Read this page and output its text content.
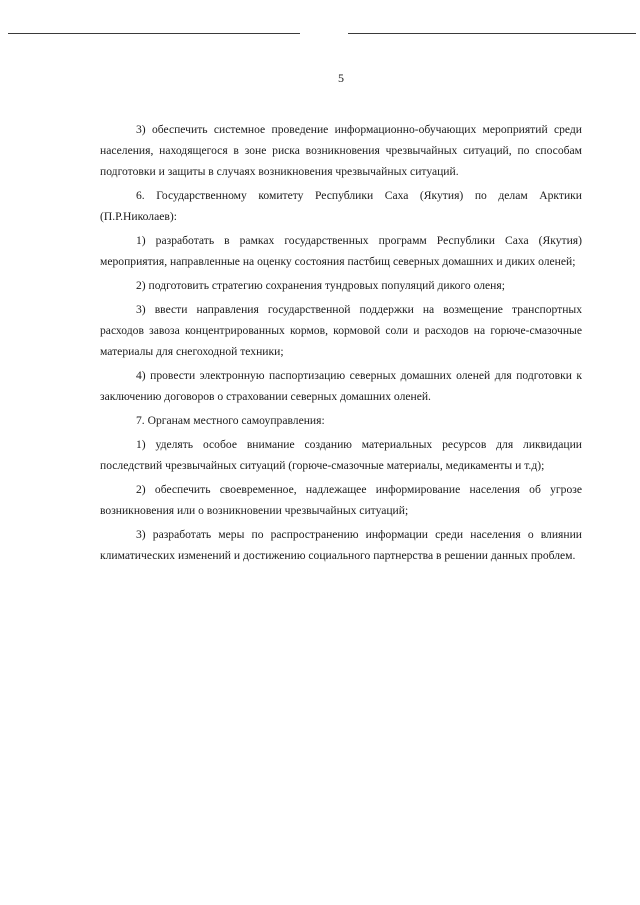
5

3) обеспечить системное проведение информационно-обучающих мероприятий среди населения, находящегося в зоне риска возникновения чрезвычайных ситуаций, по способам подготовки и защиты в случаях возникновения чрезвычайных ситуаций.

6. Государственному комитету Республики Саха (Якутия) по делам Арктики (П.Р.Николаев):

1) разработать в рамках государственных программ Республики Саха (Якутия) мероприятия, направленные на оценку состояния пастбищ северных домашних и диких оленей;

2) подготовить стратегию сохранения тундровых популяций дикого оленя;

3) ввести направления государственной поддержки на возмещение транспортных расходов завоза концентрированных кормов, кормовой соли и расходов на горюче-смазочные материалы для снегоходной техники;

4) провести электронную паспортизацию северных домашних оленей для подготовки к заключению договоров о страховании северных домашних оленей.

7. Органам местного самоуправления:

1) уделять особое внимание созданию материальных ресурсов для ликвидации последствий чрезвычайных ситуаций (горюче-смазочные материалы, медикаменты и т.д);

2) обеспечить своевременное, надлежащее информирование населения об угрозе возникновения или о возникновении чрезвычайных ситуаций;

3) разработать меры по распространению информации среди населения о влиянии климатических изменений и достижению социального партнерства в решении данных проблем.
